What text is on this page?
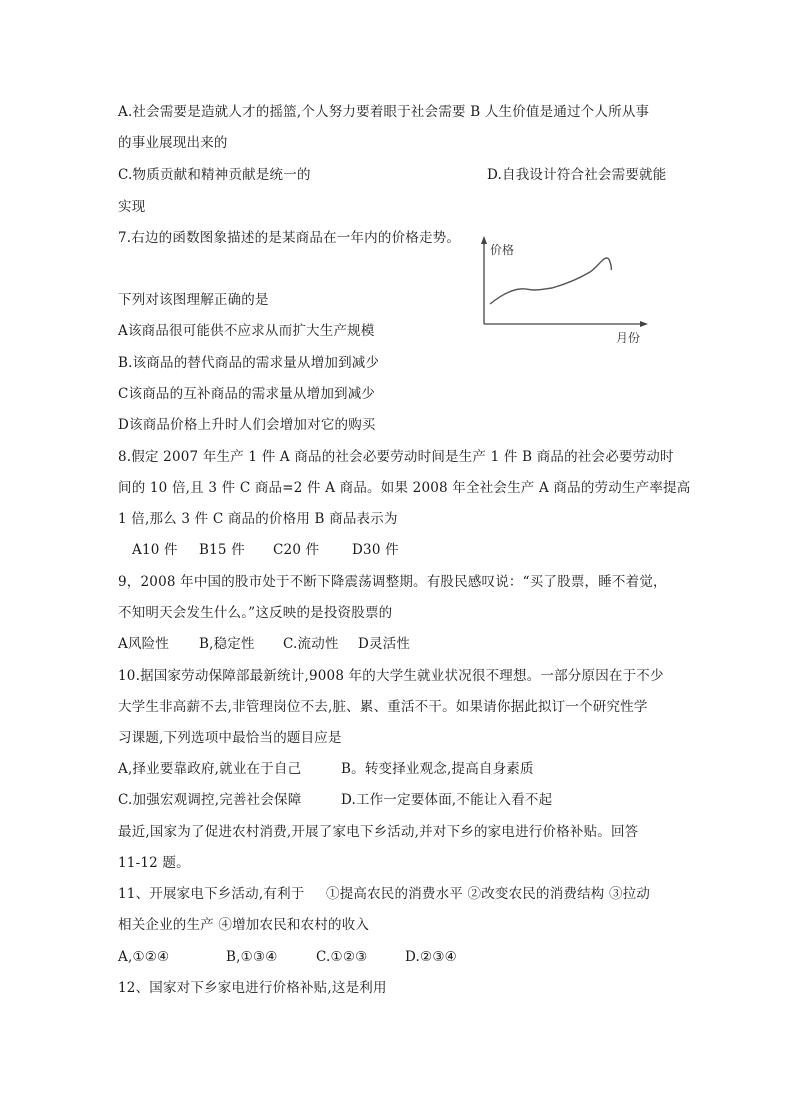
A.社会需要是造就人才的摇篮,个人努力要着眼于社会需要 B 人生价值是通过个人所从事
的事业展现出来的
C.物质贡献和精神贡献是统一的	D.自我设计符合社会需要就能
实现
7.右边的函数图象描述的是某商品在一年内的价格走势。
价格
月份
下列对该图理解正确的是
A该商品很可能供不应求从而扩大生产规模
B.该商品的替代商品的需求量从增加到减少
C该商品的互补商品的需求量从增加到减少
D该商品价格上升时人们会增加对它的购买
8.假定 2007 年生产 1 件 A 商品的社会必要劳动时间是生产 1 件 B 商品的社会必要劳动时
间的 10 倍,且 3 件 C 商品=2 件 A 商品。如果 2008 年全社会生产 A 商品的劳动生产率提高
1 倍,那么 3 件 C 商品的价格用 B 商品表示为
A10 件 B15 件 C20 件 D30 件
9，2008 年中国的股市处于不断下降震荡调整期。有股民感叹说：“买了股票，睡不着觉，
不知明天会发生什么。”这反映的是投资股票的
A风险性 B,稳定性 C.流动性 D灵活性
10.据国家劳动保障部最新统计,9008 年的大学生就业状况很不理想。一部分原因在于不少
大学生非高薪不去,非管理岗位不去,脏、累、重活不干。如果请你据此拟订一个研究性学
习课题,下列选项中最恰当的题目应是
A,择业要靠政府,就业在于自己	B。转变择业观念,提高自身素质
C.加强宏观调控,完善社会保障	D.工作一定要体面,不能让入看不起
最近,国家为了促进农村消费,开展了家电下乡活动,并对下乡的家电进行价格补贴。回答
11-12 题。
11、开展家电下乡活动,有利于 ①提高农民的消费水平 ②改变农民的消费结构 ③拉动
相关企业的生产 ④增加农民和农村的收入
A,①②④	B,①③④	C.①②③	D.②③④
12、国家对下乡家电进行价格补贴,这是利用
